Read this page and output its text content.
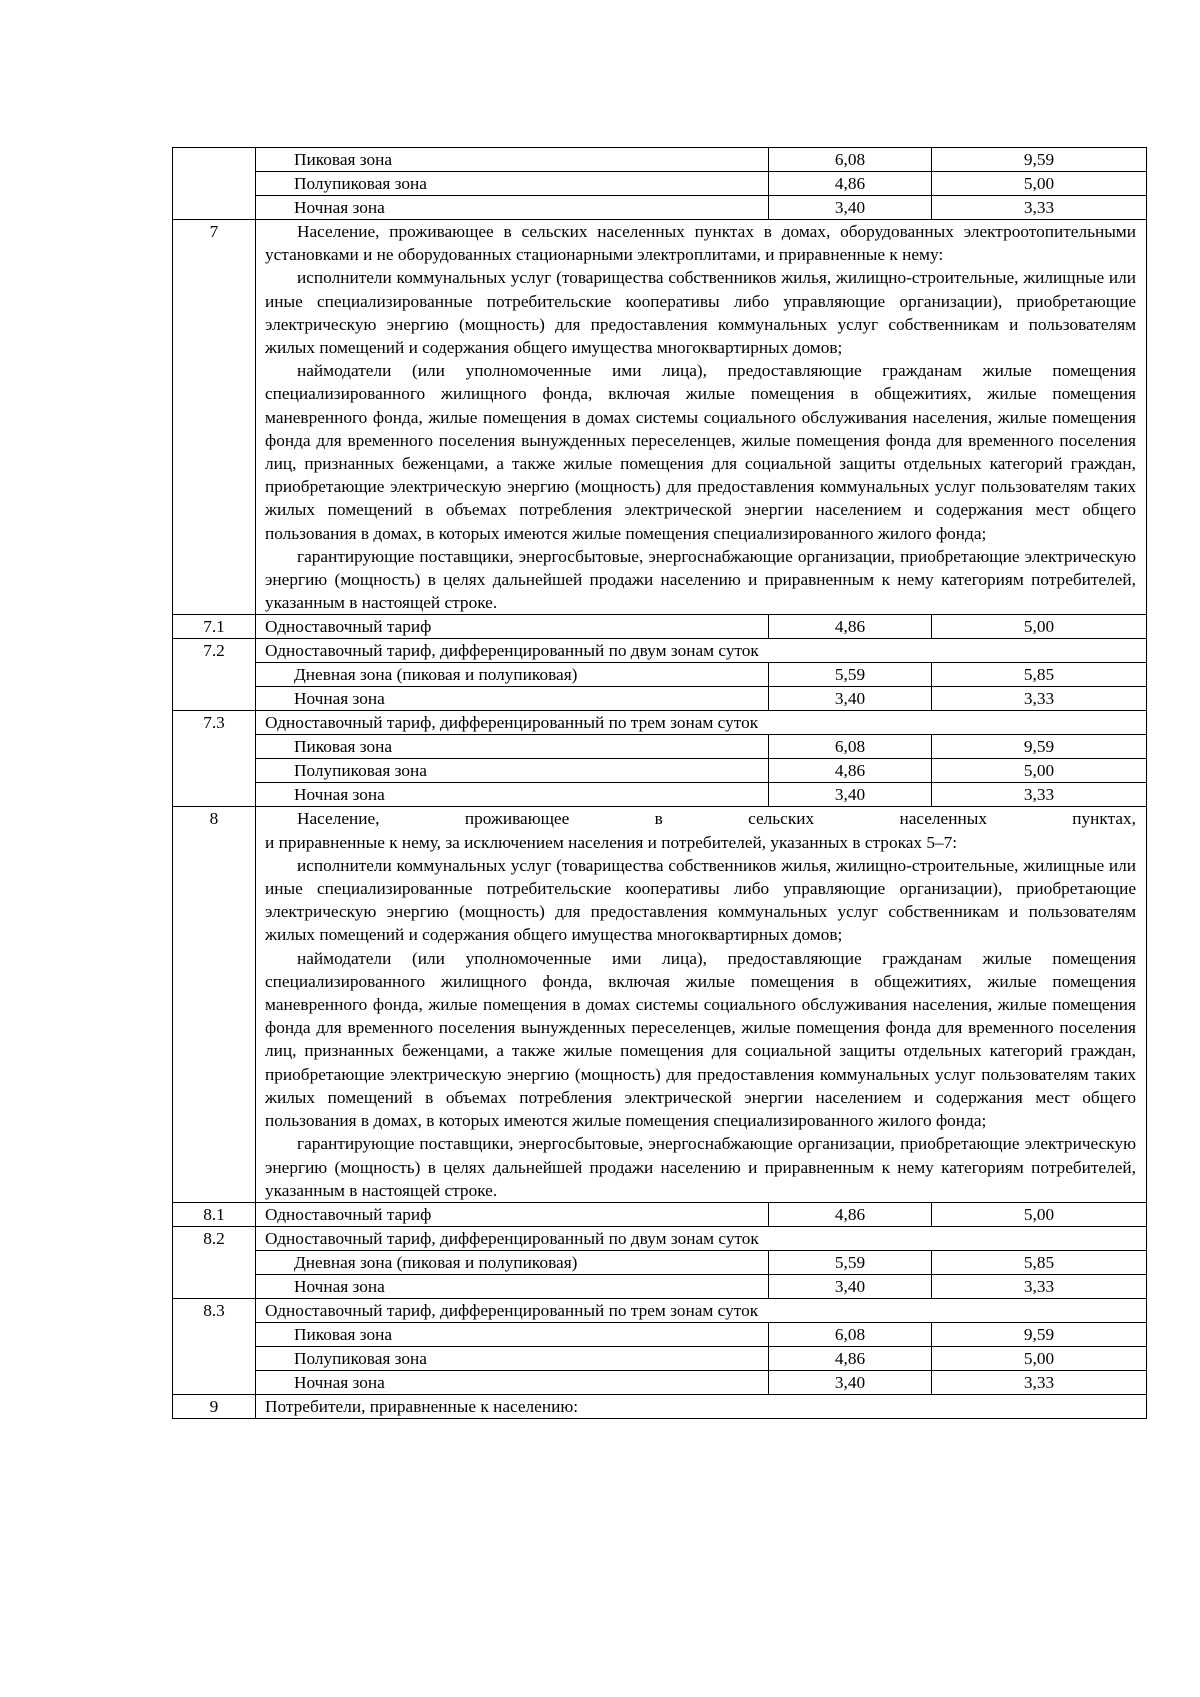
	Пиковая зона	6,08	9,59
	Полупиковая зона	4,86	5,00
	Ночная зона	3,40	3,33
7	Население, проживающее в сельских населенных пунктах в домах, оборудованных электроотопительными установками и не оборудованных стационарными электроплитами, и приравненные к нему:

исполнители коммунальных услуг (товарищества собственников жилья, жилищно-строительные, жилищные или иные специализированные потребительские кооперативы либо управляющие организации), приобретающие электрическую энергию (мощность) для предоставления коммунальных услуг собственникам и пользователям жилых помещений и содержания общего имущества многоквартирных домов;

наймодатели (или уполномоченные ими лица), предоставляющие гражданам жилые помещения специализированного жилищного фонда, включая жилые помещения в общежитиях, жилые помещения маневренного фонда, жилые помещения в домах системы социального обслуживания населения, жилые помещения фонда для временного поселения вынужденных переселенцев, жилые помещения фонда для временного поселения лиц, признанных беженцами, а также жилые помещения для социальной защиты отдельных категорий граждан, приобретающие электрическую энергию (мощность) для предоставления коммунальных услуг пользователям таких жилых помещений в объемах потребления электрической энергии населением и содержания мест общего пользования в домах, в которых имеются жилые помещения специализированного жилого фонда;

гарантирующие поставщики, энергосбытовые, энергоснабжающие организации, приобретающие электрическую энергию (мощность) в целях дальнейшей продажи населению и приравненным к нему категориям потребителей, указанным в настоящей строке.		

7.1	Одноставочный тариф	4,86	5,00
7.2	Одноставочный тариф, дифференцированный по двум зонам суток		
	Дневная зона (пиковая и полупиковая)	5,59	5,85
	Ночная зона	3,40	3,33
7.3	Одноставочный тариф, дифференцированный по трем зонам суток		
	Пиковая зона	6,08	9,59
	Полупиковая зона	4,86	5,00
	Ночная зона	3,40	3,33
8	Население, проживающее в сельских населенных пунктах,

и приравненные к нему, за исключением населения и потребителей, указанных в строках 5–7:

исполнители коммунальных услуг (товарищества собственников жилья, жилищно-строительные, жилищные или иные специализированные потребительские кооперативы либо управляющие организации), приобретающие электрическую энергию (мощность) для предоставления коммунальных услуг собственникам и пользователям жилых помещений и содержания общего имущества многоквартирных домов;

наймодатели (или уполномоченные ими лица), предоставляющие гражданам жилые помещения специализированного жилищного фонда, включая жилые помещения в общежитиях, жилые помещения маневренного фонда, жилые помещения в домах системы социального обслуживания населения, жилые помещения фонда для временного поселения вынужденных переселенцев, жилые помещения фонда для временного поселения лиц, признанных беженцами, а также жилые помещения для социальной защиты отдельных категорий граждан, приобретающие электрическую энергию (мощность) для предоставления коммунальных услуг пользователям таких жилых помещений в объемах потребления электрической энергии населением и содержания мест общего пользования в домах, в которых имеются жилые помещения специализированного жилого фонда;

гарантирующие поставщики, энергосбытовые, энергоснабжающие организации, приобретающие электрическую энергию (мощность) в целях дальнейшей продажи населению и приравненным к нему категориям потребителей, указанным в настоящей строке.		

8.1	Одноставочный тариф	4,86	5,00
8.2	Одноставочный тариф, дифференцированный по двум зонам суток		
	Дневная зона (пиковая и полупиковая)	5,59	5,85
	Ночная зона	3,40	3,33
8.3	Одноставочный тариф, дифференцированный по трем зонам суток		
	Пиковая зона	6,08	9,59
	Полупиковая зона	4,86	5,00
	Ночная зона	3,40	3,33
9	Потребители, приравненные к населению:		
